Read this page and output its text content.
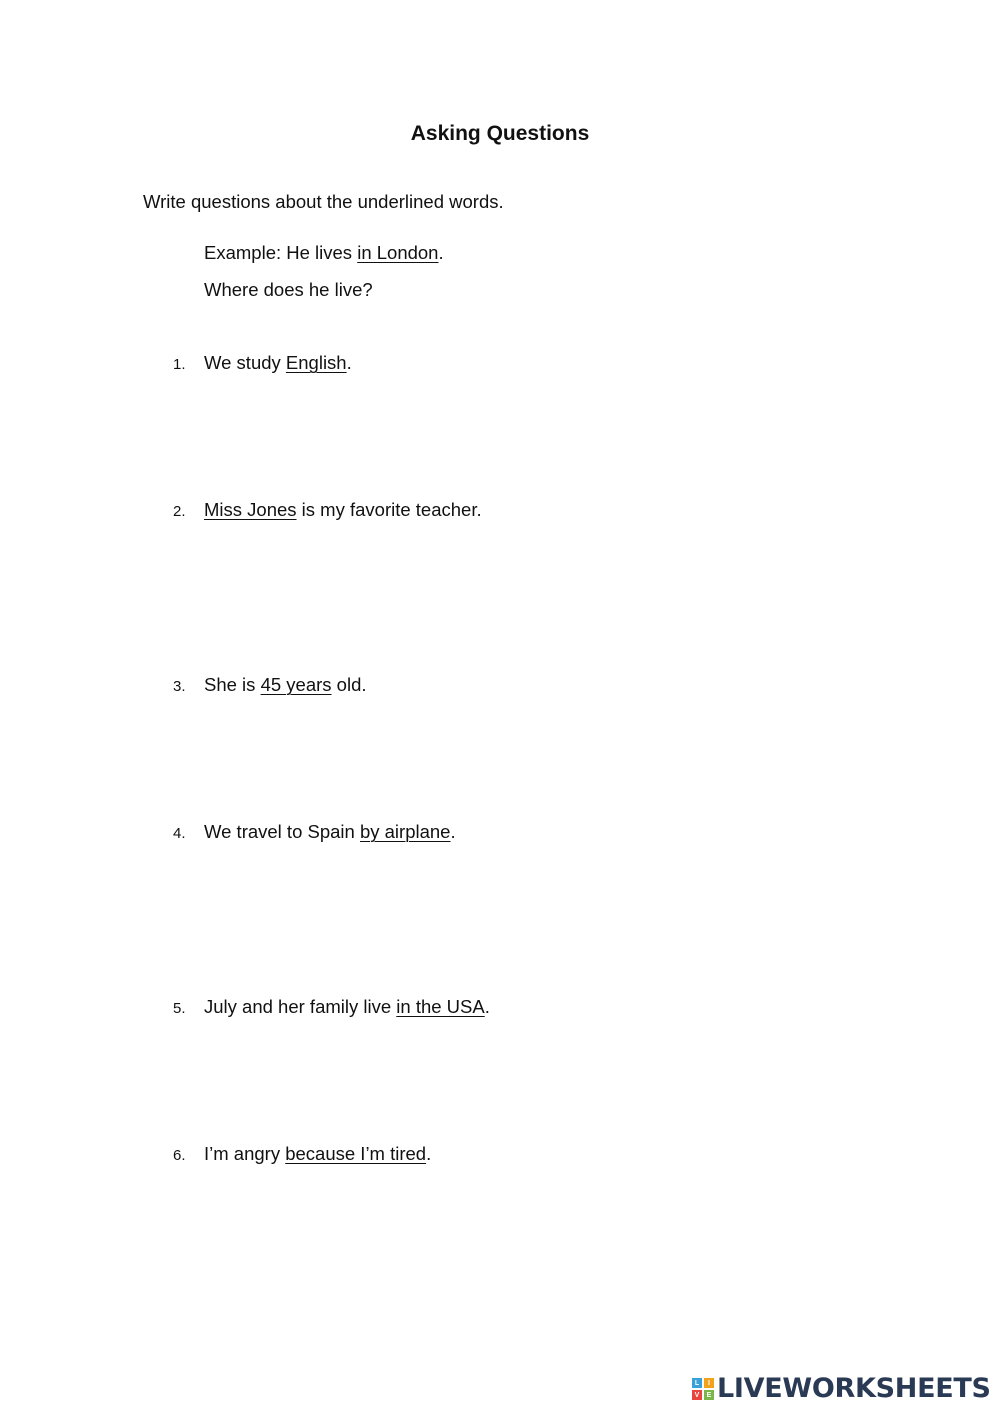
Asking Questions
Write questions about the underlined words.
Example: He lives in London.
Where does he live?
1. We study English.
2. Miss Jones is my favorite teacher.
3. She is 45 years old.
4. We travel to Spain by airplane.
5. July and her family live in the USA.
6. I’m angry because I’m tired.
L	I
V	E LIVEWORKSHEETS
